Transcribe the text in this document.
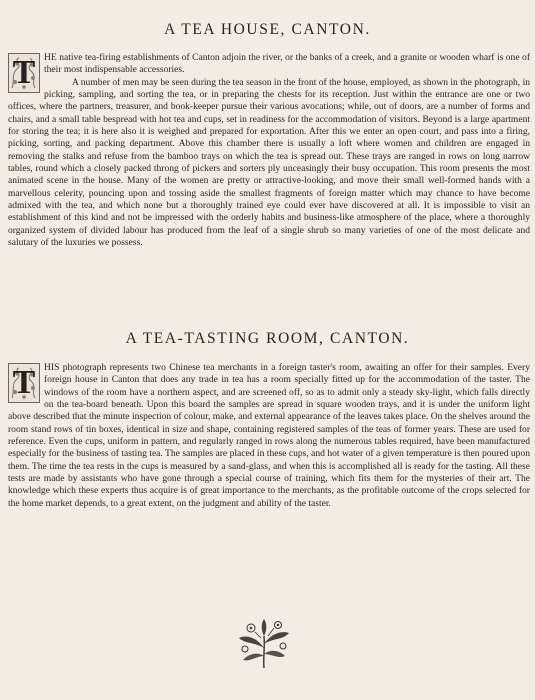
A TEA HOUSE, CANTON.
T HE native tea-firing establishments of Canton adjoin the river, or the banks of a creek, and a granite or wooden wharf is one of their most indispensable accessories.

A number of men may be seen during the tea season in the front of the house, employed, as shown in the photograph, in picking, sampling, and sorting the tea, or in preparing the chests for its reception. Just within the entrance are one or two offices, where the partners, treasurer, and book-keeper pursue their various avocations; while, out of doors, are a number of forms and chairs, and a small table bespread with hot tea and cups, set in readiness for the accommodation of visitors. Beyond is a large apartment for storing the tea; it is here also it is weighed and prepared for exportation. After this we enter an open court, and pass into a firing, picking, sorting, and packing department. Above this chamber there is usually a loft where women and children are engaged in removing the stalks and refuse from the bamboo trays on which the tea is spread out. These trays are ranged in rows on long narrow tables, round which a closely packed throng of pickers and sorters ply unceasingly their busy occupation. This room presents the most animated scene in the house. Many of the women are pretty or attractive-looking, and move their small well-formed hands with a marvellous celerity, pouncing upon and tossing aside the smallest fragments of foreign matter which may chance to have become admixed with the tea, and which none but a thoroughly trained eye could ever have discovered at all. It is impossible to visit an establishment of this kind and not be impressed with the orderly habits and business-like atmosphere of the place, where a thoroughly organized system of divided labour has produced from the leaf of a single shrub so many varieties of one of the most delicate and salutary of the luxuries we possess.

A TEA-TASTING ROOM, CANTON.
T HIS photograph represents two Chinese tea merchants in a foreign taster's room, awaiting an offer for their samples. Every foreign house in Canton that does any trade in tea has a room specially fitted up for the accommodation of the taster. The windows of the room have a northern aspect, and are screened off, so as to admit only a steady sky-light, which falls directly on the tea-board beneath. Upon this board the samples are spread in square wooden trays, and it is under the uniform light above described that the minute inspection of colour, make, and external appearance of the leaves takes place. On the shelves around the room stand rows of tin boxes, identical in size and shape, containing registered samples of the teas of former years. These are used for reference. Even the cups, uniform in pattern, and regularly ranged in rows along the numerous tables required, have been manufactured especially for the business of tasting tea. The samples are placed in these cups, and hot water of a given temperature is then poured upon them. The time the tea rests in the cups is measured by a sand-glass, and when this is accomplished all is ready for the tasting. All these tests are made by assistants who have gone through a special course of training, which fits them for the mysteries of their art. The knowledge which these experts thus acquire is of great importance to the merchants, as the profitable outcome of the crops selected for the home market depends, to a great extent, on the judgment and ability of the taster.
